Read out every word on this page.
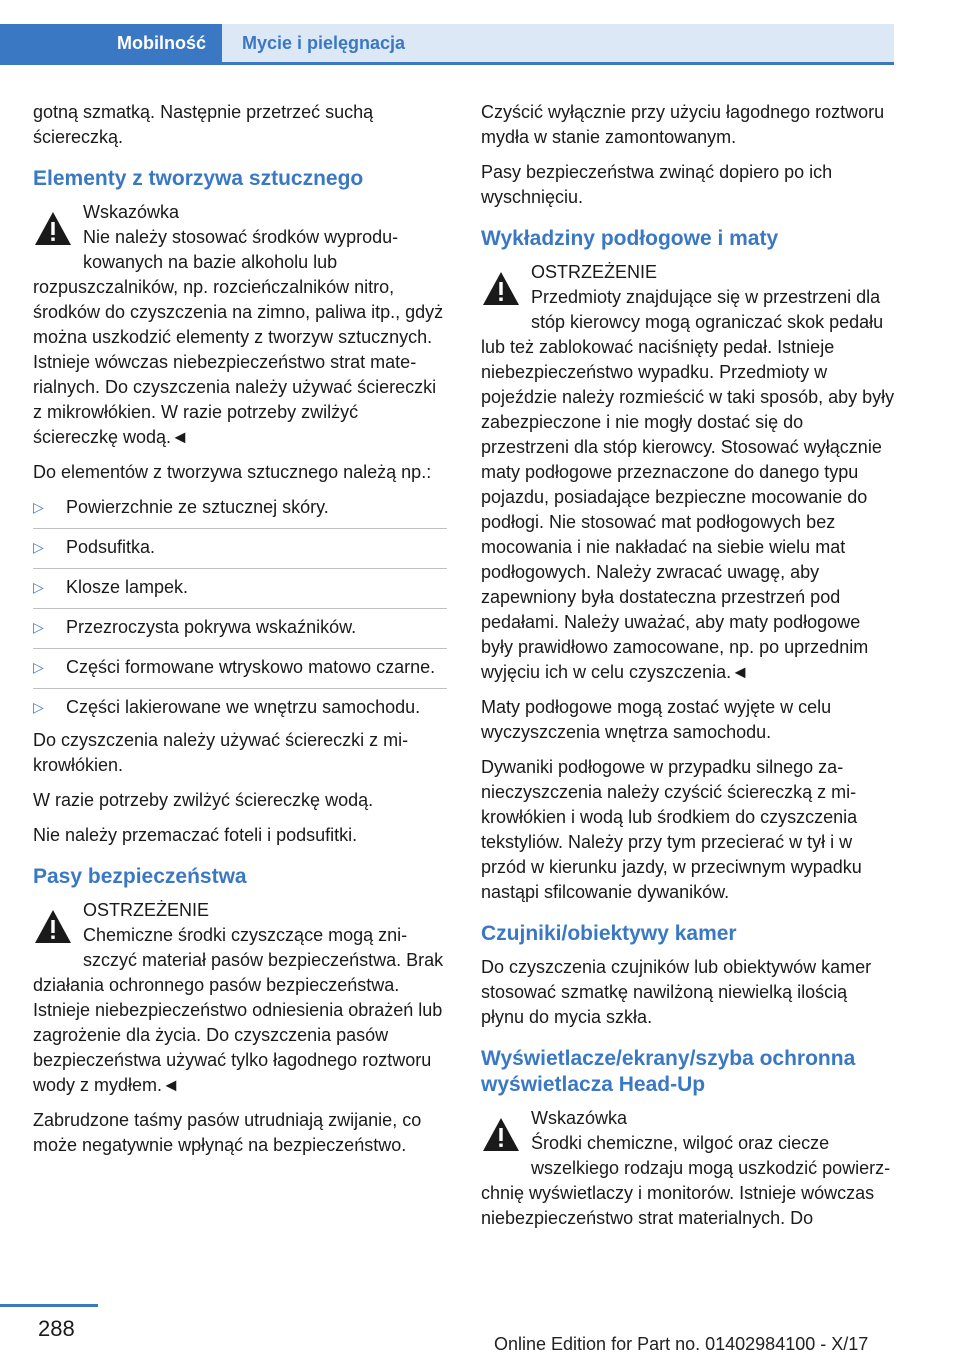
Mobilność	Mycie i pielęgnacja

gotną szmatką. Następnie przetrzeć suchą ściereczką.

Elementy z tworzywa sztucznego
Wskazówka
Nie należy stosować środków wyprodukowanych na bazie alkoholu lub rozpuszczalników, np. rozcieńczalników nitro, środków do czyszczenia na zimno, paliwa itp., gdyż można uszkodzić elementy z tworzyw sztucznych. Istnieje wówczas niebezpieczeństwo strat materialnych. Do czyszczenia należy używać ściereczki z mikrowłókien. W razie potrzeby zwilżyć ściereczkę wodą.◄

Do elementów z tworzywa sztucznego należą np.:

▷ Powierzchnie ze sztucznej skóry.
▷ Podsufitka.
▷ Klosze lampek.
▷ Przezroczysta pokrywa wskaźników.
▷ Części formowane wtryskowo matowo czarne.
▷ Części lakierowane we wnętrzu samochodu.

Do czyszczenia należy używać ściereczki z mikrowłókien.

W razie potrzeby zwilżyć ściereczkę wodą.

Nie należy przemaczać foteli i podsufitki.

Pasy bezpieczeństwa
OSTRZEŻENIE
Chemiczne środki czyszczące mogą zniszczyć materiał pasów bezpieczeństwa. Brak działania ochronnego pasów bezpieczeństwa. Istnieje niebezpieczeństwo odniesienia obrażeń lub zagrożenie dla życia. Do czyszczenia pasów bezpieczeństwa używać tylko łagodnego roztworu wody z mydłem.◄

Zabrudzone taśmy pasów utrudniają zwijanie, co może negatywnie wpłynąć na bezpieczeństwo.

Czyścić wyłącznie przy użyciu łagodnego roztworu mydła w stanie zamontowanym.

Pasy bezpieczeństwa zwinąć dopiero po ich wyschnięciu.

Wykładziny podłogowe i maty
OSTRZEŻENIE
Przedmioty znajdujące się w przestrzeni dla stóp kierowcy mogą ograniczać skok pedału lub też zablokować naciśnięty pedał. Istnieje niebezpieczeństwo wypadku. Przedmioty w pojeździe należy rozmieścić w taki sposób, aby były zabezpieczone i nie mogły dostać się do przestrzeni dla stóp kierowcy. Stosować wyłącznie maty podłogowe przeznaczone do danego typu pojazdu, posiadające bezpieczne mocowanie do podłogi. Nie stosować mat podłogowych bez mocowania i nie nakładać na siebie wielu mat podłogowych. Należy zwracać uwagę, aby zapewniony była dostateczna przestrzeń pod pedałami. Należy uważać, aby maty podłogowe były prawidłowo zamocowane, np. po uprzednim wyjęciu ich w celu czyszczenia.◄

Maty podłogowe mogą zostać wyjęte w celu wyczyszczenia wnętrza samochodu.

Dywaniki podłogowe w przypadku silnego zanieczyszczenia należy czyścić ściereczką z mikrowłókien i wodą lub środkiem do czyszczenia tekstyliów. Należy przy tym przecierać w tył i w przód w kierunku jazdy, w przeciwnym wypadku nastąpi sfilcowanie dywaników.

Czujniki/obiektywy kamer

Do czyszczenia czujników lub obiektywów kamer stosować szmatkę nawilżoną niewielką ilością płynu do mycia szkła.

Wyświetlacze/ekrany/szyba ochronna wyświetlacza Head-Up
Wskazówka
Środki chemiczne, wilgoć oraz ciecze wszelkiego rodzaju mogą uszkodzić powierzchnię wyświetlaczy i monitorów. Istnieje wówczas niebezpieczeństwo strat materialnych. Do
288
Online Edition for Part no. 01402984100 - X/17
